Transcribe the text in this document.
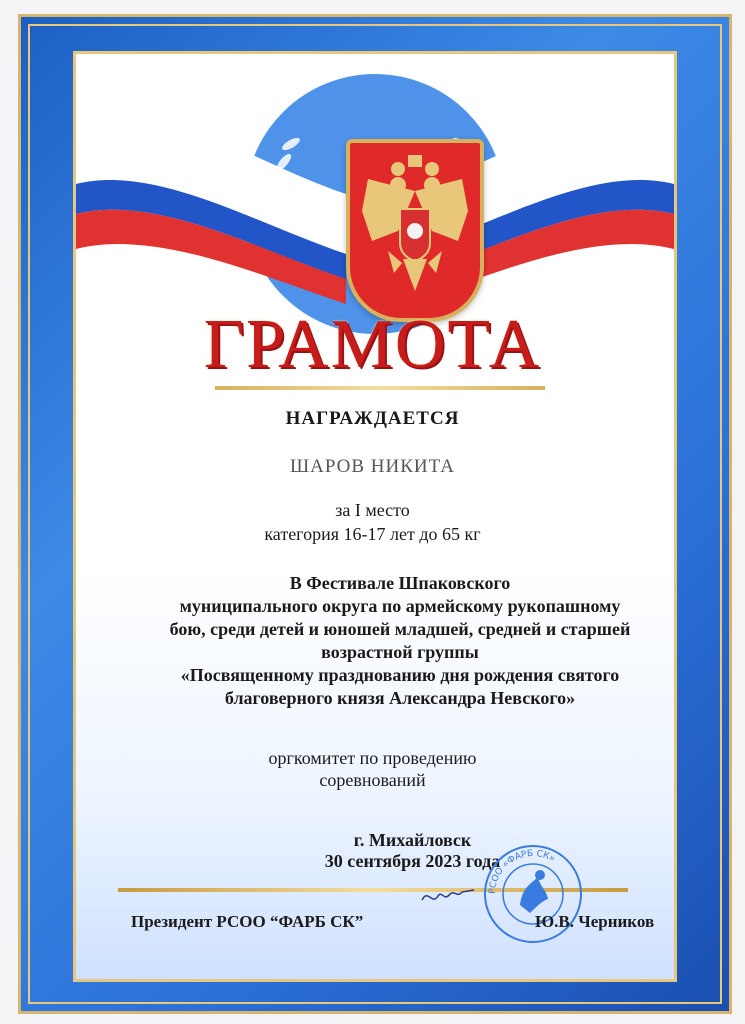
ГРАМОТА
НАГРАЖДАЕТСЯ
ШАРОВ НИКИТА
за I место
категория 16-17 лет до 65 кг
В Фестивале Шпаковского
муниципального округа по армейскому рукопашному
бою, среди детей и юношей младшей, средней и старшей
возрастной группы
«Посвященному празднованию дня рождения святого
благоверного князя Александра Невского»
оргкомитет по проведению
соревнований
г. Михайловск
30 сентября 2023 года
РСОО «ФАРБ СК»
Президент РСОО “ФАРБ СК”	Ю.В. Черников
